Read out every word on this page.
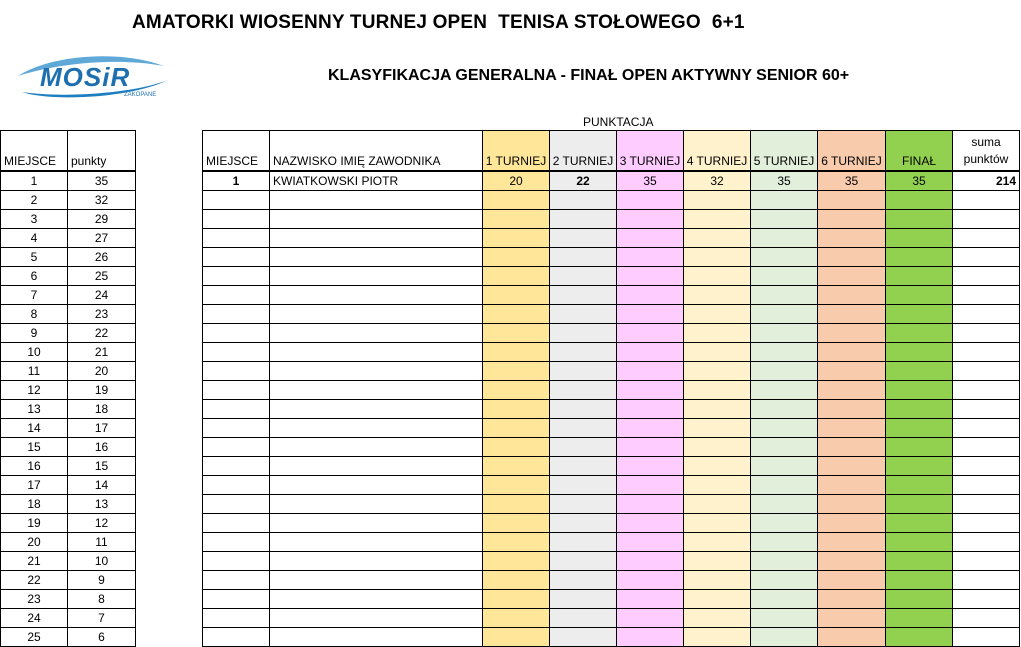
AMATORKI WIOSENNY TURNEJ OPEN  TENISA STOŁOWEGO  6+1
MOSiR
ZAKOPANE
KLASYFIKACJA GENERALNA - FINAŁ OPEN AKTYWNY SENIOR 60+
PUNKTACJA
MIEJSCE	punkty
1	35
2	32
3	29
4	27
5	26
6	25
7	24
8	23
9	22
10	21
11	20
12	19
13	18
14	17
15	16
16	15
17	14
18	13
19	12
20	11
21	10
22	9
23	8
24	7
25	6
MIEJSCE	NAZWISKO IMIĘ ZAWODNIKA	1 TURNIEJ	2 TURNIEJ	3 TURNIEJ	4 TURNIEJ	5 TURNIEJ	6 TURNIEJ	FINAŁ	suma
punktów

1	KWIATKOWSKI PIOTR	20	22	35	32	35	35	35	214
